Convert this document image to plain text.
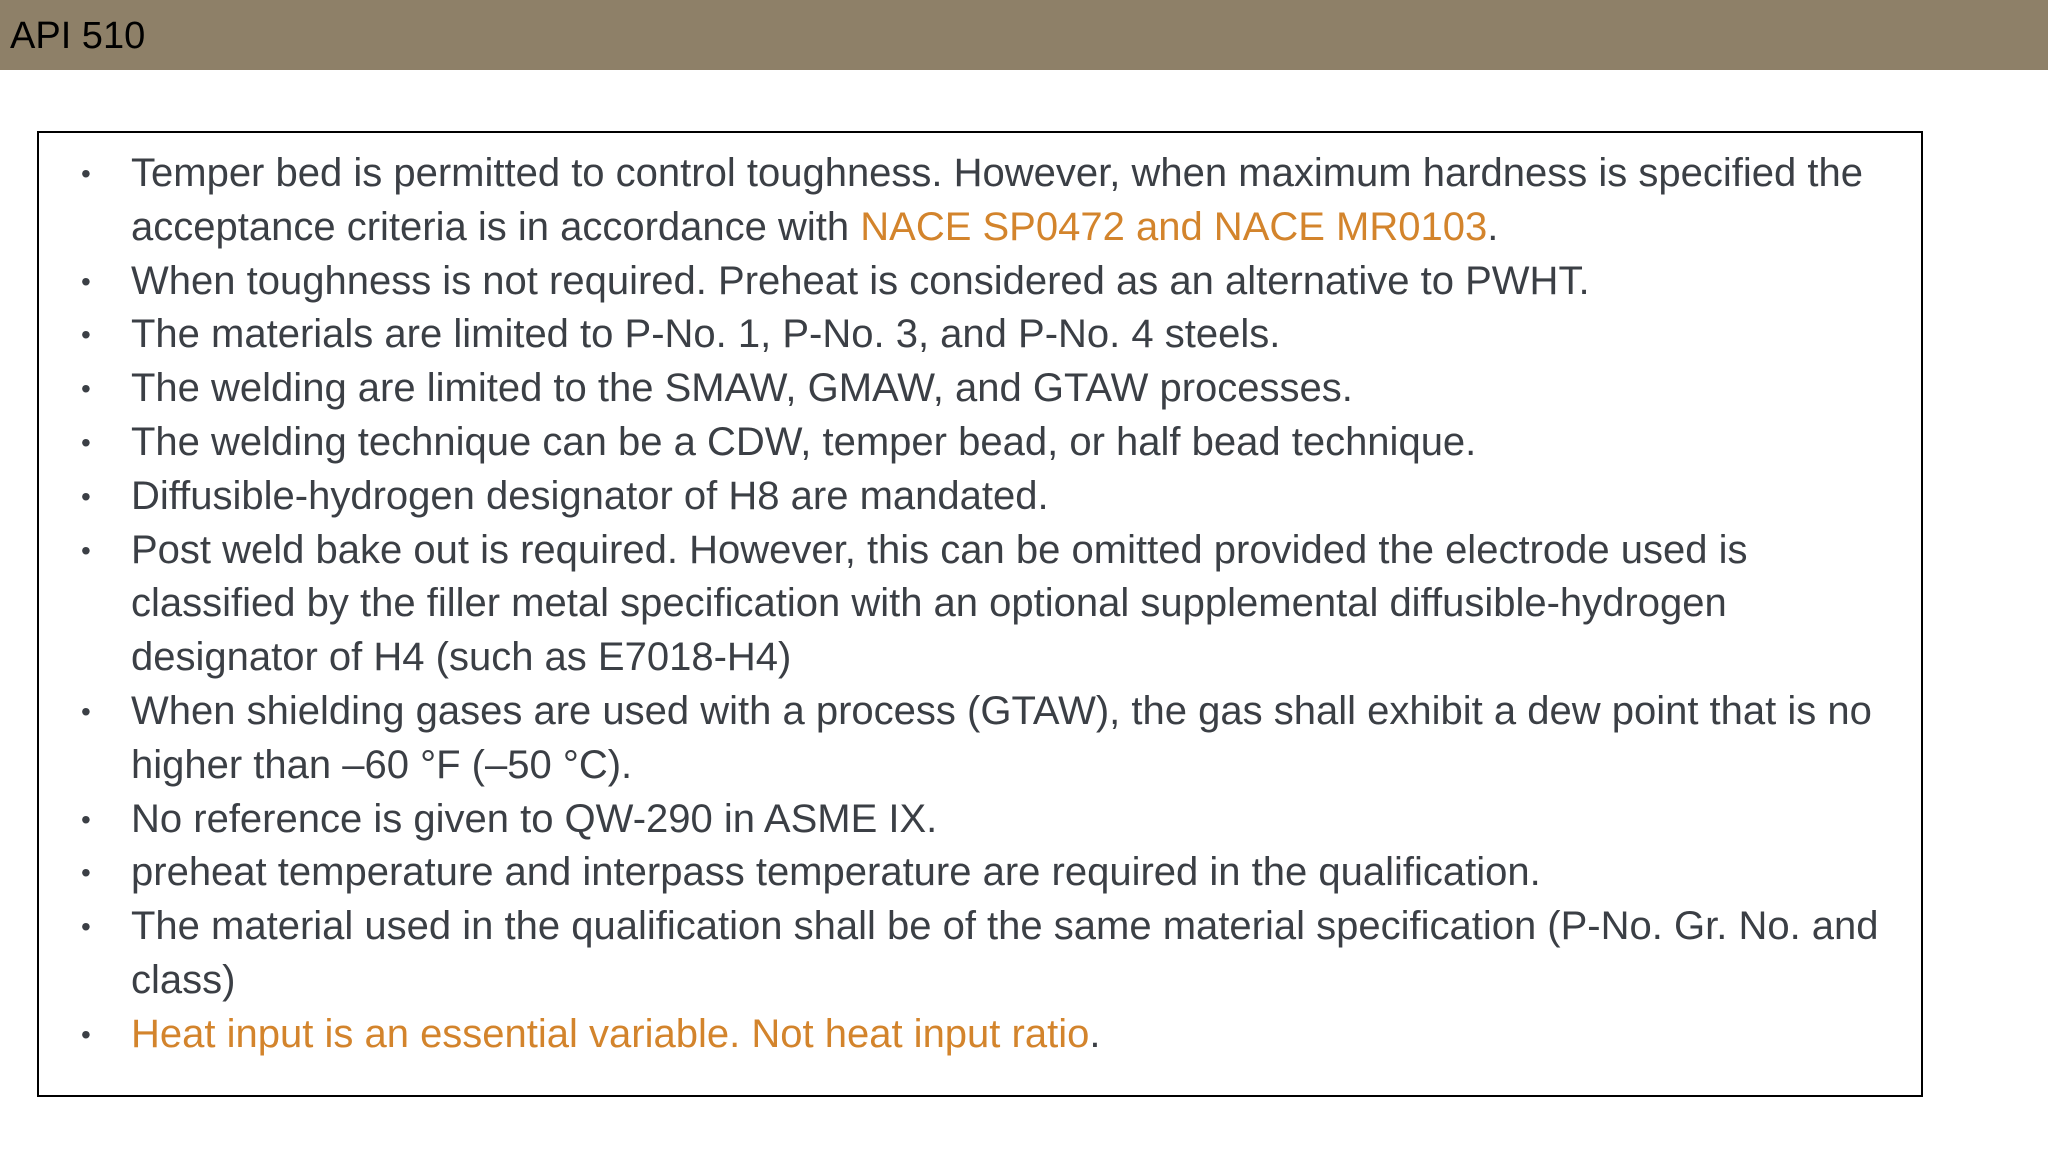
API 510
• Temper bed is permitted to control toughness. However, when maximum hardness is specified the acceptance criteria is in accordance with NACE SP0472 and NACE MR0103.
• When toughness is not required. Preheat is considered as an alternative to PWHT.
• The materials are limited to P-No. 1, P-No. 3, and P-No. 4 steels.
• The welding are limited to the SMAW, GMAW, and GTAW processes.
• The welding technique can be a CDW, temper bead, or half bead technique.
• Diffusible-hydrogen designator of H8 are mandated.
• Post weld bake out is required. However, this can be omitted provided the electrode used is classified by the filler metal specification with an optional supplemental diffusible-hydrogen designator of H4 (such as E7018-H4)
• When shielding gases are used with a process (GTAW), the gas shall exhibit a dew point that is no higher than –60 °F (–50 °C).
• No reference is given to QW-290 in ASME IX.
• preheat temperature and interpass temperature are required in the qualification.
• The material used in the qualification shall be of the same material specification (P-No. Gr. No. and class)
• Heat input is an essential variable. Not heat input ratio.
